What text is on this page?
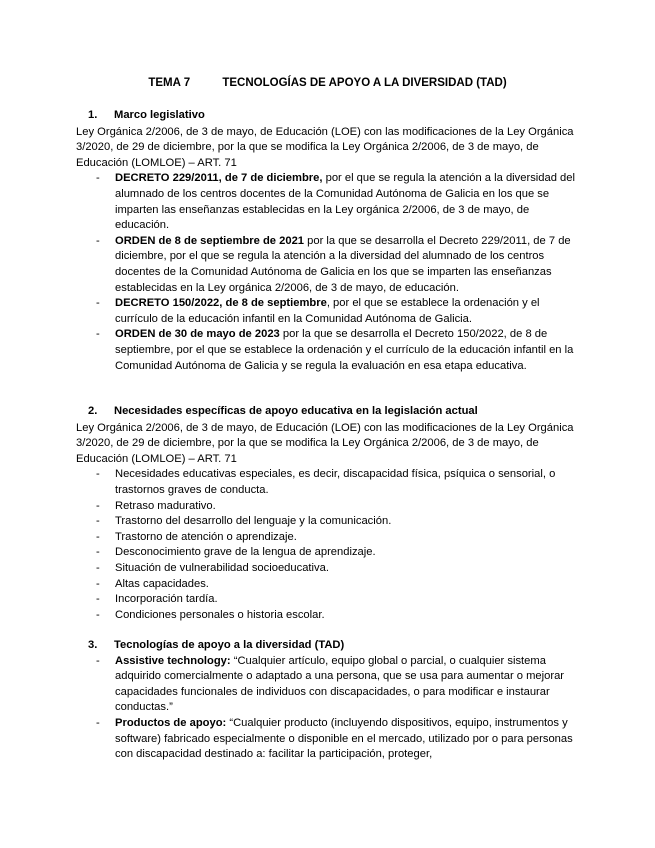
TEMA 7	TECNOLOGÍAS DE APOYO A LA DIVERSIDAD (TAD)
1. Marco legislativo
Ley Orgánica 2/2006, de 3 de mayo, de Educación (LOE) con las modificaciones de la Ley Orgánica 3/2020, de 29 de diciembre, por la que se modifica la Ley Orgánica 2/2006, de 3 de mayo, de Educación (LOMLOE) – ART. 71
- DECRETO 229/2011, de 7 de diciembre, por el que se regula la atención a la diversidad del alumnado de los centros docentes de la Comunidad Autónoma de Galicia en los que se imparten las enseñanzas establecidas en la Ley orgánica 2/2006, de 3 de mayo, de educación.
- ORDEN de 8 de septiembre de 2021 por la que se desarrolla el Decreto 229/2011, de 7 de diciembre, por el que se regula la atención a la diversidad del alumnado de los centros docentes de la Comunidad Autónoma de Galicia en los que se imparten las enseñanzas establecidas en la Ley orgánica 2/2006, de 3 de mayo, de educación.
- DECRETO 150/2022, de 8 de septiembre, por el que se establece la ordenación y el currículo de la educación infantil en la Comunidad Autónoma de Galicia.
- ORDEN de 30 de mayo de 2023 por la que se desarrolla el Decreto 150/2022, de 8 de septiembre, por el que se establece la ordenación y el currículo de la educación infantil en la Comunidad Autónoma de Galicia y se regula la evaluación en esa etapa educativa.
2. Necesidades específicas de apoyo educativa en la legislación actual
Ley Orgánica 2/2006, de 3 de mayo, de Educación (LOE) con las modificaciones de la Ley Orgánica 3/2020, de 29 de diciembre, por la que se modifica la Ley Orgánica 2/2006, de 3 de mayo, de Educación (LOMLOE) – ART. 71
- Necesidades educativas especiales, es decir, discapacidad física, psíquica o sensorial, o trastornos graves de conducta.
- Retraso madurativo.
- Trastorno del desarrollo del lenguaje y la comunicación.
- Trastorno de atención o aprendizaje.
- Desconocimiento grave de la lengua de aprendizaje.
- Situación de vulnerabilidad socioeducativa.
- Altas capacidades.
- Incorporación tardía.
- Condiciones personales o historia escolar.
3. Tecnologías de apoyo a la diversidad (TAD)
- Assistive technology: “Cualquier artículo, equipo global o parcial, o cualquier sistema adquirido comercialmente o adaptado a una persona, que se usa para aumentar o mejorar capacidades funcionales de individuos con discapacidades, o para modificar e instaurar conductas.”
- Productos de apoyo: “Cualquier producto (incluyendo dispositivos, equipo, instrumentos y software) fabricado especialmente o disponible en el mercado, utilizado por o para personas con discapacidad destinado a: facilitar la participación, proteger,
